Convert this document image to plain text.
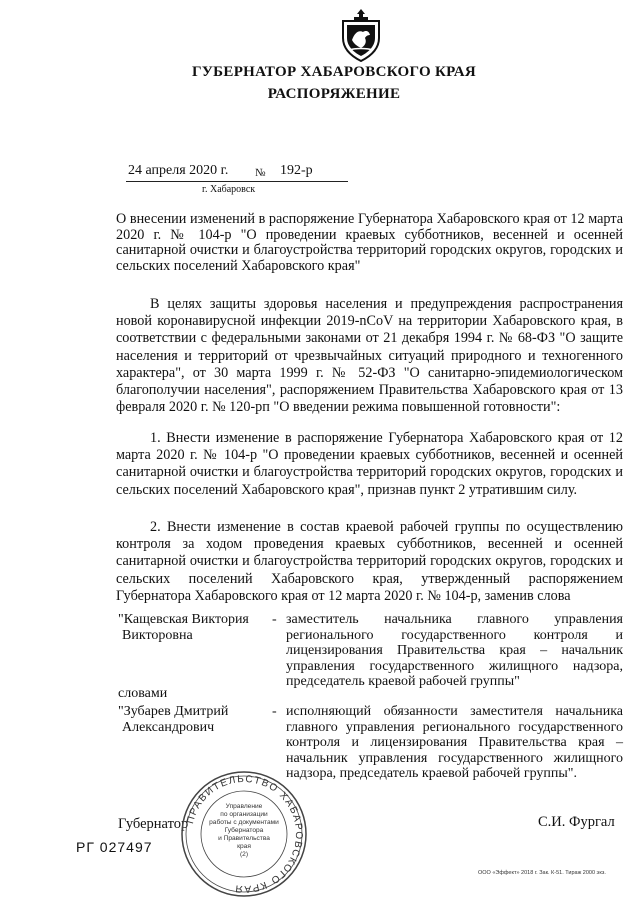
ГУБЕРНАТОР ХАБАРОВСКОГО КРАЯ
РАСПОРЯЖЕНИЕ
24 апреля 2020 г. № 192-р
г. Хабаровск
О внесении изменений в распоряжение Губернатора Хабаровского края от 12 марта 2020 г. № 104-р "О проведении краевых субботников, весенней и осенней санитарной очистки и благоустройства территорий городских округов, городских и сельских поселений Хабаровского края"

В целях защиты здоровья населения и предупреждения распространения новой коронавирусной инфекции 2019-nCoV на территории Хабаровского края, в соответствии с федеральными законами от 21 декабря 1994 г. № 68-ФЗ "О защите населения и территорий от чрезвычайных ситуаций природного и техногенного характера", от 30 марта 1999 г. № 52-ФЗ "О санитарно-эпидемиологическом благополучии населения", распоряжением Правительства Хабаровского края от 13 февраля 2020 г. № 120-рп "О введении режима повышенной готовности":

1. Внести изменение в распоряжение Губернатора Хабаровского края от 12 марта 2020 г. № 104-р "О проведении краевых субботников, весенней и осенней санитарной очистки и благоустройства территорий городских округов, городских и сельских поселений Хабаровского края", признав пункт 2 утратившим силу.

2. Внести изменение в состав краевой рабочей группы по осуществлению контроля за ходом проведения краевых субботников, весенней и осенней санитарной очистки и благоустройства территорий городских округов, городских и сельских поселений Хабаровского края, утвержденный распоряжением Губернатора Хабаровского края от 12 марта 2020 г. № 104-р, заменив слова

"Кащевская Виктория
Викторовна
- заместитель начальника главного управления регионального государственного контроля и лицензирования Правительства края – начальник управления государственного жилищного надзора, председатель краевой рабочей группы"
словами
"Зубарев Дмитрий
Александрович
- исполняющий обязанности заместителя начальника главного управления регионального государственного контроля и лицензирования Правительства края – начальник управления государственного жилищного надзора, председатель краевой рабочей группы".
Губернатор	С.И. Фургал
ПРАВИТЕЛЬСТВО ХАБАРОВСКОГО КРАЯ
Управление
по организации
работы с документами
Губернатора
и Правительства
края
(2)
РГ 027497
ООО «Эффект» 2018 г. Зак. К-51. Тираж 2000 экз.
